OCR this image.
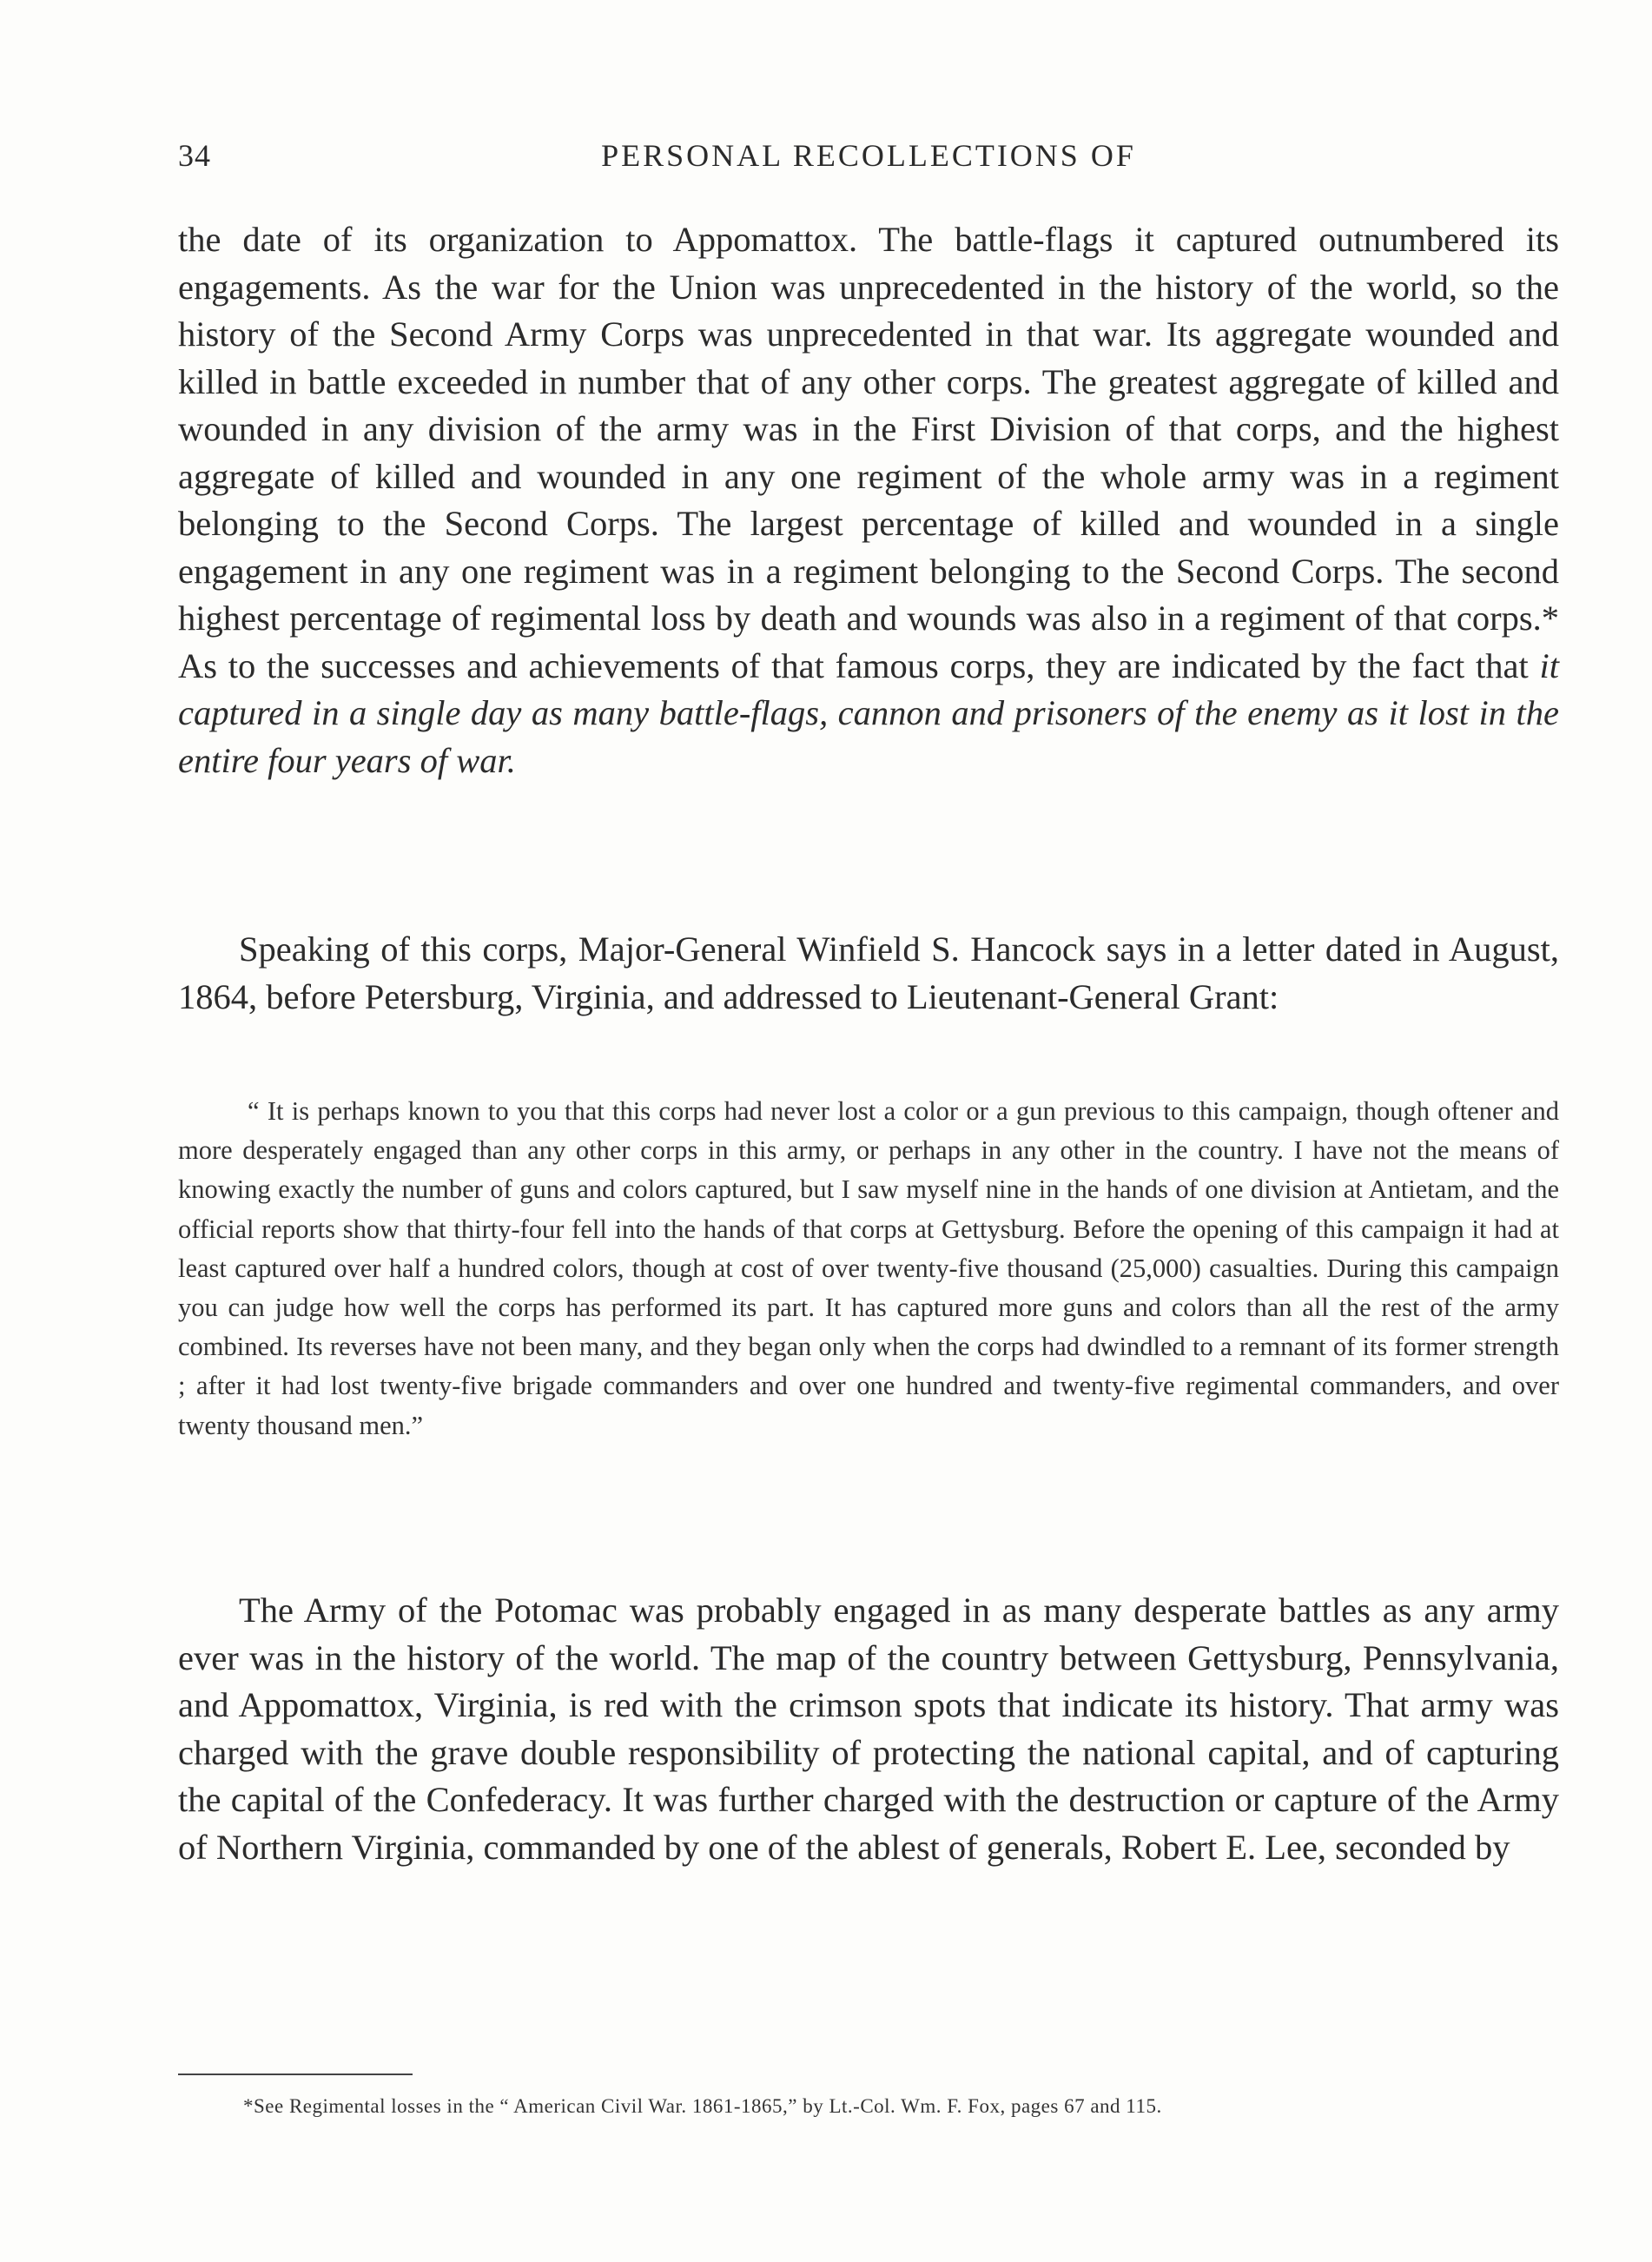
34	PERSONAL RECOLLECTIONS OF

the date of its organization to Appomattox. The battle-flags it captured outnumbered its engagements. As the war for the Union was unprecedented in the history of the world, so the history of the Second Army Corps was unprecedented in that war. Its aggregate wounded and killed in battle exceeded in number that of any other corps. The greatest aggregate of killed and wounded in any division of the army was in the First Division of that corps, and the highest aggregate of killed and wounded in any one regiment of the whole army was in a regiment belonging to the Second Corps. The largest percentage of killed and wounded in a single engagement in any one regiment was in a regiment belonging to the Second Corps. The second highest percentage of regimental loss by death and wounds was also in a regiment of that corps.* As to the successes and achievements of that famous corps, they are indicated by the fact that it captured in a single day as many battle-flags, cannon and prisoners of the enemy as it lost in the entire four years of war.

Speaking of this corps, Major-General Winfield S. Hancock says in a letter dated in August, 1864, before Petersburg, Virginia, and addressed to Lieutenant-General Grant:

“ It is perhaps known to you that this corps had never lost a color or a gun previous to this campaign, though oftener and more desperately engaged than any other corps in this army, or perhaps in any other in the country. I have not the means of knowing exactly the number of guns and colors captured, but I saw myself nine in the hands of one division at Antietam, and the official reports show that thirty-four fell into the hands of that corps at Gettysburg. Before the opening of this campaign it had at least captured over half a hundred colors, though at cost of over twenty-five thousand (25,000) casualties. During this campaign you can judge how well the corps has performed its part. It has captured more guns and colors than all the rest of the army combined. Its reverses have not been many, and they began only when the corps had dwindled to a remnant of its former strength ; after it had lost twenty-five brigade commanders and over one hundred and twenty-five regimental commanders, and over twenty thousand men.”

The Army of the Potomac was probably engaged in as many desperate battles as any army ever was in the history of the world. The map of the country between Gettysburg, Pennsylvania, and Appomattox, Virginia, is red with the crimson spots that indicate its history. That army was charged with the grave double responsibility of protecting the national capital, and of capturing the capital of the Confederacy. It was further charged with the destruction or capture of the Army of Northern Virginia, commanded by one of the ablest of generals, Robert E. Lee, seconded by

*See Regimental losses in the “ American Civil War. 1861-1865,” by Lt.-Col. Wm. F. Fox, pages 67 and 115.
